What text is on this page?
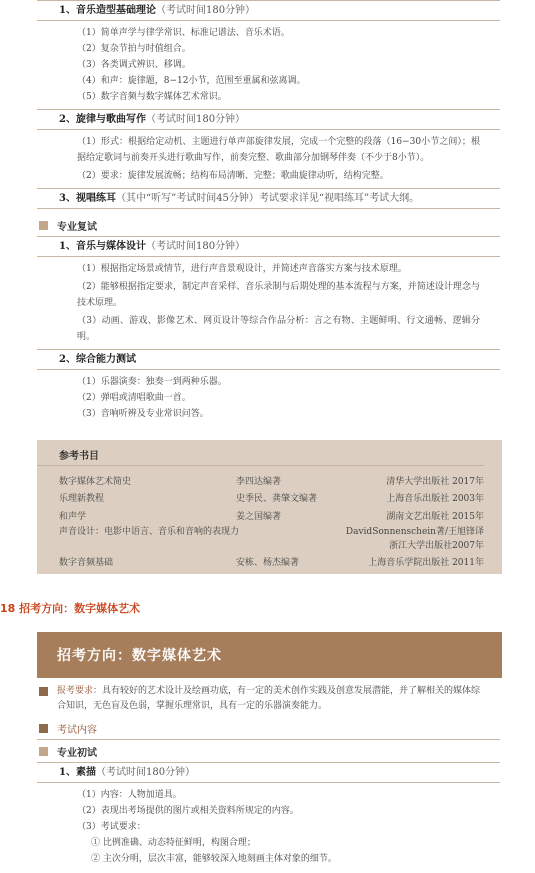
1、音乐造型基础理论（考试时间180分钟）
（1）简单声学与律学常识、标准记谱法、音乐术语。
（2）复杂节拍与时值组合。
（3）各类调式辨识、移调。
（4）和声：旋律题，8−12小节，范围至重属和弦离调。
（5）数字音频与数字媒体艺术常识。
2、旋律与歌曲写作（考试时间180分钟）
（1）形式：根据给定动机、主题进行单声部旋律发展，完成一个完整的段落（16−30小节之间）；根据给定歌词与前奏开头进行歌曲写作，前奏完整、歌曲部分加钢琴伴奏（不少于8小节）。
（2）要求：旋律发展流畅；结构布局清晰、完整；歌曲旋律动听，结构完整。
3、视唱练耳（其中“听写”考试时间45分钟）考试要求详见“视唱练耳”考试大纲。
专业复试
1、音乐与媒体设计（考试时间180分钟）
（1）根据指定场景或情节，进行声音景观设计，并简述声音落实方案与技术原理。
（2）能够根据指定要求，制定声音采样、音乐录制与后期处理的基本流程与方案，并简述设计理念与技术原理。
（3）动画、游戏、影像艺术、网页设计等综合作品分析：言之有物、主题鲜明、行文通畅、逻辑分明。
2、综合能力测试
（1）乐器演奏：独奏一到两种乐器。
（2）弹唱或清唱歌曲一首。
（3）音响听辨及专业常识问答。
参考书目
数字媒体艺术简史	李四达编著	清华大学出版社 2017年
乐理新教程	史季民、龚肇文编著	上海音乐出版社 2003年
和声学	姜之国编著	湖南文艺出版社 2015年
声音设计：电影中语言、音乐和音响的表现力	DavidSonnenschein著/王旭锋译
浙江大学出版社2007年
数字音频基础	安栋、杨杰编著	上海音乐学院出版社 2011年
18 招考方向：数字媒体艺术
招考方向：数字媒体艺术
报考要求：具有较好的艺术设计及绘画功底，有一定的美术创作实践及创意发展潜能，并了解相关的媒体综合知识，无色盲及色弱，掌握乐理常识，具有一定的乐器演奏能力。
考试内容
专业初试
1、素描（考试时间180分钟）
（1）内容：人物加道具。
（2）表现出考场提供的图片或相关资料所规定的内容。
（3）考试要求：
① 比例准确、动态特征鲜明，构图合理；
② 主次分明，层次丰富，能够较深入地刻画主体对象的细节。
